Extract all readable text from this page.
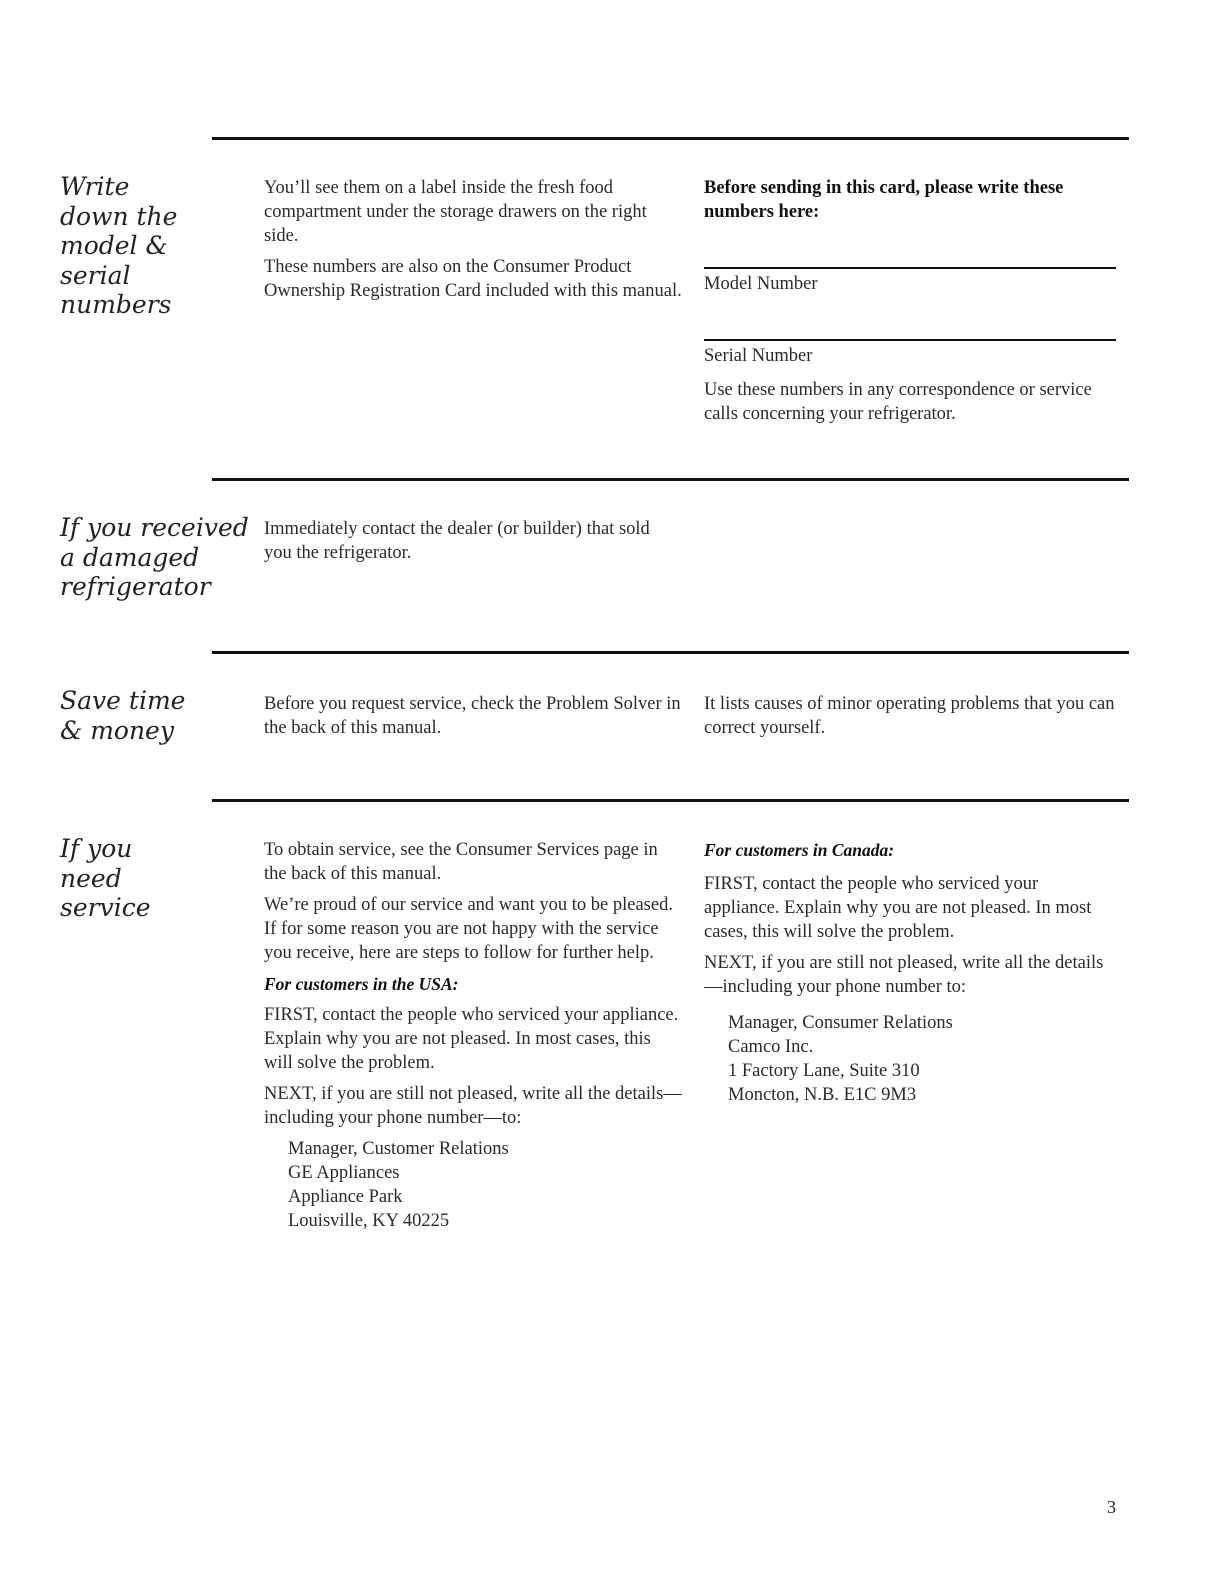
Write
down the
model &
serial
numbers

You’ll see them on a label inside the fresh food compartment under the storage drawers on the right side.

These numbers are also on the Consumer Product Ownership Registration Card included with this manual.

Before sending in this card, please write these numbers here:

Model Number

Serial Number

Use these numbers in any correspondence or service calls concerning your refrigerator.

If you received
a damaged
refrigerator

Immediately contact the dealer (or builder) that sold you the refrigerator.

Save time
& money

Before you request service, check the Problem Solver in the back of this manual.

It lists causes of minor operating problems that you can correct yourself.

If you
need
service

To obtain service, see the Consumer Services page in the back of this manual.

We’re proud of our service and want you to be pleased. If for some reason you are not happy with the service you receive, here are steps to follow for further help.

For customers in the USA:

FIRST, contact the people who serviced your appliance. Explain why you are not pleased. In most cases, this will solve the problem.

NEXT, if you are still not pleased, write all the details—including your phone number—to:

Manager, Customer Relations
GE Appliances
Appliance Park
Louisville, KY 40225

For customers in Canada:

FIRST, contact the people who serviced your appliance. Explain why you are not pleased. In most cases, this will solve the problem.

NEXT, if you are still not pleased, write all the details—including your phone number to:

Manager, Consumer Relations
Camco Inc.
1 Factory Lane, Suite 310
Moncton, N.B. E1C 9M3
3
